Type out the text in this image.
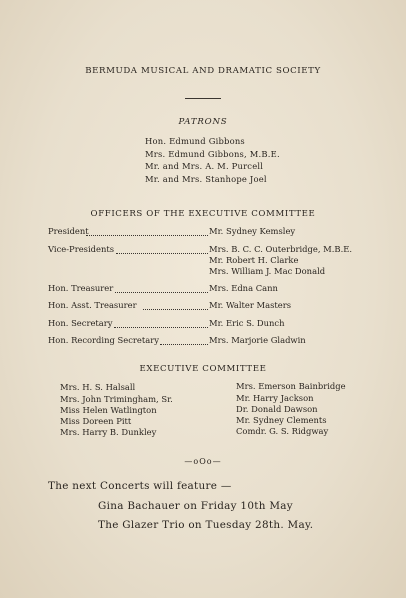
BERMUDA MUSICAL AND DRAMATIC SOCIETY
PATRONS
Hon. Edmund Gibbons
Mrs. Edmund Gibbons, M.B.E.
Mr. and Mrs. A. M. Purcell
Mr. and Mrs. Stanhope Joel
OFFICERS OF THE EXECUTIVE COMMITTEE
President	Mr. Sydney Kemsley
Vice-Presidents	Mrs. B. C. C. Outerbridge, M.B.E.
Mr. Robert H. Clarke
Mrs. William J. Mac Donald
Hon. Treasurer	Mrs. Edna Cann
Hon. Asst. Treasurer	Mr. Walter Masters
Hon. Secretary	Mr. Eric S. Dunch
Hon. Recording Secretary	Mrs. Marjorie Gladwin
EXECUTIVE COMMITTEE
Mrs. H. S. Halsall
Mrs. John Trimingham, Sr.
Miss Helen Watlington
Miss Doreen Pitt
Mrs. Harry B. Dunkley
Mrs. Emerson Bainbridge
Mr. Harry Jackson
Dr. Donald Dawson
Mr. Sydney Clements
Comdr. G. S. Ridgway
—oOo—
The next Concerts will feature —
Gina Bachauer on Friday 10th May
The Glazer Trio on Tuesday 28th. May.
